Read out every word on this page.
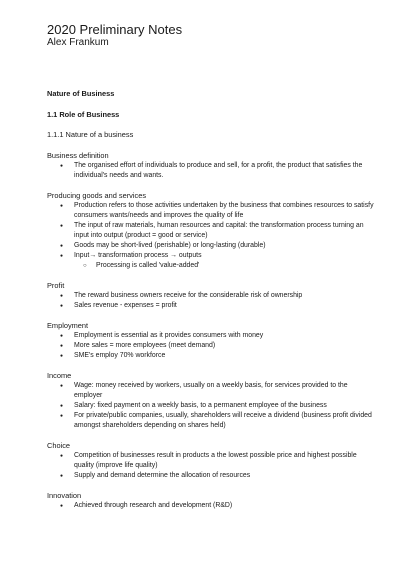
2020 Preliminary Notes
Alex Frankum
Nature of Business
1.1 Role of Business
1.1.1 Nature of a business
Business definition
● The organised effort of individuals to produce and sell, for a profit, the product that satisfies the individual's needs and wants.
Producing goods and services
● Production refers to those activities undertaken by the business that combines resources to satisfy consumers wants/needs and improves the quality of life
● The input of raw materials, human resources and capital: the transformation process turning an input into output (product = good or service)
● Goods may be short-lived (perishable) or long-lasting (durable)
● Input→ transformation process → outputs
○ Processing is called 'value-added'
Profit
● The reward business owners receive for the considerable risk of ownership
● Sales revenue - expenses = profit
Employment
● Employment is essential as it provides consumers with money
● More sales = more employees (meet demand)
● SME's employ 70% workforce
Income
● Wage: money received by workers, usually on a weekly basis, for services provided to the employer
● Salary: fixed payment on a weekly basis, to a permanent employee of the business
● For private/public companies, usually, shareholders will receive a dividend (business profit divided amongst shareholders depending on shares held)
Choice
● Competition of businesses result in products a the lowest possible price and highest possible quality (improve life quality)
● Supply and demand determine the allocation of resources
Innovation
● Achieved through research and development (R&D)
